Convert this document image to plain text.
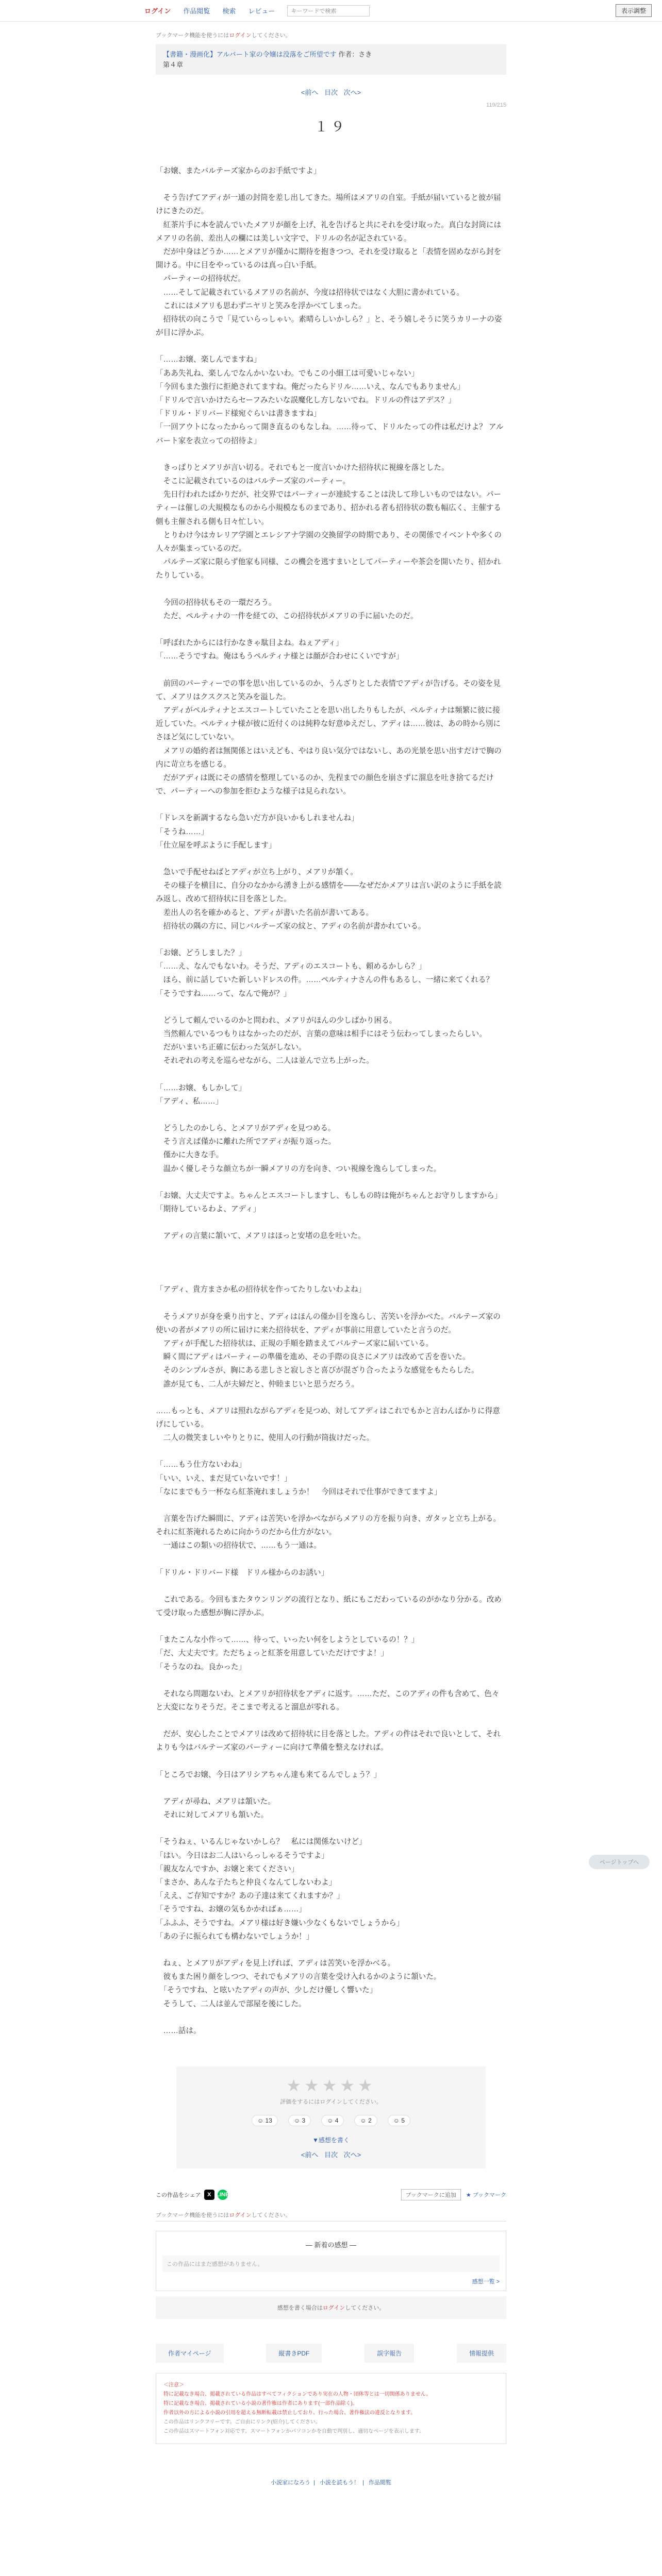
ログイン 作品閲覧 検索 レビュー	キーワードで検索	表示調整
ブックマーク機能を使うにはログインしてください。
【書籍・漫画化】アルバート家の令嬢は没落をご所望です 作者：さき
第４章
<前へ 目次 次へ>
119/215
１９

「お嬢、またバルテーズ家からのお手紙ですよ」

　そう告げてアディが一通の封筒を差し出してきた。場所はメアリの自室。手紙が届いていると彼が届けにきたのだ。

　紅茶片手に本を読んでいたメアリが顔を上げ、礼を告げると共にそれを受け取った。真白な封筒にはメアリの名前、差出人の欄には美しい文字で、ドリルの名が記されている。

　だが中身はどうか……とメアリが僅かに期待を抱きつつ、それを受け取ると「表情を固めながら封を開ける。中に目をやっているのは真っ白い手紙。

　パーティーの招待状だ。

　……そして記載されているメアリの名前が、今度は招待状ではなく大胆に書かれている。

　これにはメアリも思わずニヤリと笑みを浮かべてしまった。

　招待状の向こうで「見ていらっしゃい。素晴らしいかしら？」と、そう嬉しそうに笑うカリーナの姿が目に浮かぶ。

「……お嬢、楽しんでますね」

「ああ失礼ね、楽しんでなんかいないわ。でもこの小細工は可愛いじゃない」

「今回もまた強行に拒絶されてますね。俺だったらドリル……いえ、なんでもありません」

「ドリルで言いかけたらセーフみたいな誤魔化し方しないでね。ドリルの件はアデス？」

「ドリル・ドリバード様宛ぐらいは書きますね」

「一回アウトになったからって開き直るのもなしね。……待って、ドリルたっての件は私だけよ？ アルバート家を表立っての招待よ」

　きっぱりとメアリが言い切る。それでもと一度言いかけた招待状に視線を落とした。

　そこに記載されているのはバルテーズ家のパーティー。

　先日行われたばかりだが、社交界ではパーティーが連続することは決して珍しいものではない。パーティーは催しの大規模なものから小規模なものまであり、招かれる者も招待状の数も幅広く、主催する側も主催される側も日々忙しい。

　とりわけ今はカレリア学園とエレシアナ学園の交換留学の時期であり、その関係でイベントや多くの人々が集まっているのだ。

　パルテーズ家に限らず他家も同様、この機会を逃すまいとしてパーティーや茶会を開いたり、招かれたりしている。

　今回の招待状もその一環だろう。

　ただ、ペルティナの一件を経ての、この招待状がメアリの手に届いたのだ。

「呼ばれたからには行かなきゃ駄目よね。ねぇアディ」

「……そうですね。俺はもうペルティナ様とは顔が合わせにくいですが」

　前回のパーティーでの事を思い出しているのか、うんざりとした表情でアディが告げる。その姿を見て、メアリはクスクスと笑みを溢した。

　アディがペルティナとエスコートしていたことを思い出したりもしたが、ペルティナは頻繁に彼に接近していた。ペルティナ様が彼に近付くのは純粋な好意ゆえだし、アディは……彼は、あの時から別にさほど気にしていない。

　メアリの婚約者は無関係とはいえども、やはり良い気分ではないし、あの光景を思い出すだけで胸の内に苛立ちを感じる。

　だがアディは既にその感情を整理しているのか、先程までの顔色を崩さずに溜息を吐き捨てるだけで、パーティーへの参加を拒むような様子は見られない。

「ドレスを新調するなら急いだ方が良いかもしれませんね」

「そうね……」

「仕立屋を呼ぶように手配します」

　急いで手配せねばとアディが立ち上がり、メアリが頷く。

　その様子を横目に、自分のなかから湧き上がる感情を――なぜだかメアリは言い訳のように手紙を読み返し、改めて招待状に目を落とした。

　差出人の名を確かめると、アディが書いた名前が書いてある。

　招待状の隅の方に、同じバルテーズ家の紋と、アディの名前が書かれている。

「お嬢、どうしました？」

「……え、なんでもないわ。そうだ、アディのエスコートも、頼めるかしら？」

　ほら、前に話していた新しいドレスの件。……ペルティナさんの件もあるし、一緒に来てくれる？

「そうですね……って、なんで俺が？」

　どうして頼んでいるのかと問われ、メアリがほんの少しばかり困る。

　当然頼んでいるつもりはなかったのだが、言葉の意味は相手にはそう伝わってしまったらしい。

　だがいまいち正確に伝わった気がしない。

　それぞれの考えを巡らせながら、二人は並んで立ち上がった。

「……お嬢、もしかして」

「アディ、私……」

　どうしたのかしら、とメアリがアディを見つめる。

　そう言えば僅かに離れた所でアディが振り返った。

　僅かに大きな手。

　温かく優しそうな顔立ちが一瞬メアリの方を向き、つい視線を逸らしてしまった。

「お嬢、大丈夫ですよ。ちゃんとエスコートしますし、もしもの時は俺がちゃんとお守りしますから」

「期待しているわよ、アディ」

　アディの言葉に頷いて、メアリはほっと安堵の息を吐いた。

「アディ、貴方まさか私の招待状を作ってたりしないわよね」

　そうメアリが身を乗り出すと、アディはほんの僅か目を逸らし、苦笑いを浮かべた。バルテーズ家の使いの者がメアリの所に届けに来た招待状を、アディが事前に用意していたと言うのだ。

　アディが手配した招待状は、正規の手順を踏まえてバルテーズ家に届いている。

　瞬く間にアディはパーティーの準備を進め、その手際の良さにメアリは改めて舌を巻いた。

　そのシンプルさが、胸にある悲しさと寂しさと喜びが混ざり合ったような感覚をもたらした。

　誰が見ても、二人が夫婦だと、仲睦まじいと思うだろう。

……もっとも、メアリは照れながらアディを見つめ、対してアディはこれでもかと言わんばかりに得意げにしている。

　二人の微笑ましいやりとりに、使用人の行動が筒抜けだった。

「……もう仕方ないわね」

「いい、いえ、まだ見ていないです！」

「なにまでもう一杯なら紅茶淹れましょうか！　今回はそれで仕事ができてますよ」

　言葉を告げた瞬間に、アディは苦笑いを浮かべながらメアリの方を振り向き、ガタッと立ち上がる。それに紅茶淹れるために向かうのだから仕方がない。

　一通はこの類いの招待状で、……もう一通は。

「ドリル・ドリバード様　ドリル様からのお誘い」

　これである。今回もまたタウンリングの流行となり、紙にもこだわっているのがかなり分かる。改めて受け取った感想が胸に浮かぶ。

「またこんな小作って……、待って、いったい何をしようとしているの！？」

「だ、大丈夫です。ただちょっと紅茶を用意していただけですよ！」

「そうなのね。良かった」

　それなら問題ないわ、とメアリが招待状をアディに返す。……ただ、このアディの件も含めて、色々と大変になりそうだ。そこまで考えると溜息が零れる。

　だが、安心したことでメアリは改めて招待状に目を落とした。アディの件はそれで良いとして、それよりも今はバルテーズ家のパーティーに向けて準備を整えなければ。

「ところでお嬢、今日はアリシアちゃん達も来てるんでしょう？」

　アディが尋ね、メアリは頷いた。

　それに対してメアリも頷いた。

「そうねぇ、いるんじゃないかしら？　私には関係ないけど」

「はい。今日はお二人はいらっしゃるそうですよ」

「親友なんですか、お嬢と来てください」

「まさか、あんな子たちと仲良くなんてしないわよ」

「ええ、ご存知ですか？あの子達は来てくれますか？」

「そうですね、お嬢の気もかかればぁ……」

「ふふふ、そうですね。メアリ様は好き嫌い少なくもないでしょうから」

「あの子に振られても構わないでしょうか！」

　ねぇ、とメアリがアディを見上げれば、アディは苦笑いを浮かべる。

　彼もまた困り顔をしつつ、それでもメアリの言葉を受け入れるかのように頷いた。

　「そうですね、と呟いたアディの声が、少しだけ優しく響いた」

　そうして、二人は並んで部屋を後にした。

　……話は。

ページトップへ
★★★★★
評価をするにはログインしてください。
☺ 13	☺ 3	☺ 4	☺ 2	☺ 5
▼感想を書く
<前へ 目次 次へ>
この作品をシェア	X LINE	ブックマークに追加	★ ブックマーク
ブックマーク機能を使うにはログインしてください。
― 新着の感想 ―
この作品にはまだ感想がありません。
感想一覧 >
感想を書く場合はログインしてください。
作者マイページ	縦書きPDF	誤字報告	情報提供
＜注意＞
特に記載なき場合、掲載されている作品はすべてフィクションであり実在の人物・団体等とは一切関係ありません。
特に記載なき場合、掲載されている小説の著作権は作者にあります(一部作品除く)。
作者以外の方による小説の引用を超える無断転載は禁止しており、行った場合、著作権法の違反となります。
この作品はリンクフリーです。ご自由にリンク(紹介)してください。
この作品はスマートフォン対応です。スマートフォンかパソコンかを自動で判別し、適切なページを表示します。
小説家になろう | 小説を読もう！ | 作品閲覧
